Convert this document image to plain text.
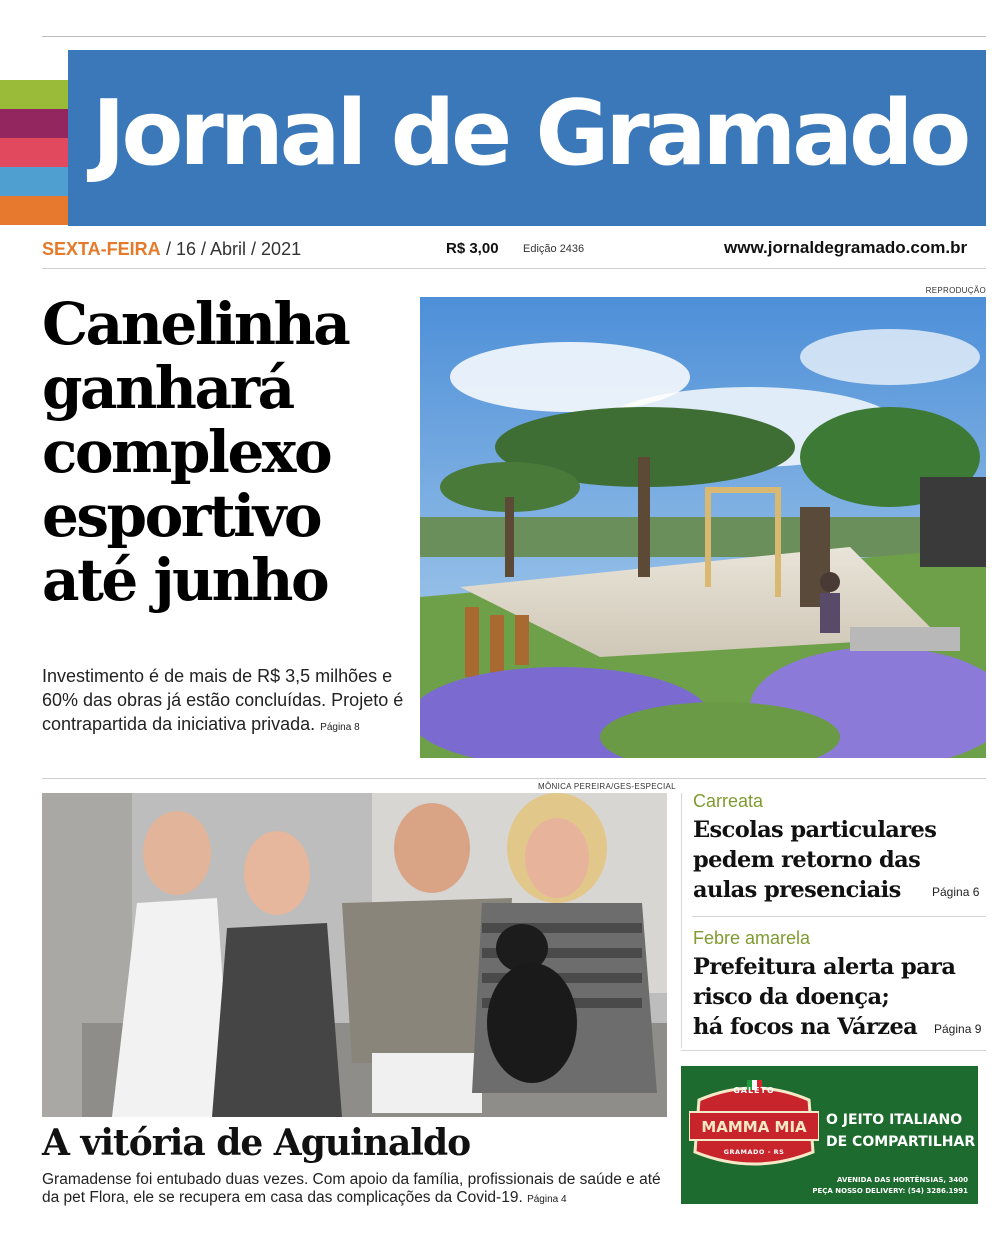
Jornal de Gramado
SEXTA-FEIRA / 16 / Abril / 2021	R$ 3,00 Edição 2436	www.jornaldegramado.com.br
Canelinha
ganhará
complexo
esportivo
até junho
Investimento é de mais de R$ 3,5 milhões e 60% das obras já estão concluídas. Projeto é contrapartida da iniciativa privada. Página 8
REPRODUÇÃO
MÔNICA PEREIRA/GES-ESPECIAL
A vitória de Aguinaldo
Gramadense foi entubado duas vezes. Com apoio da família, profissionais de saúde e até da pet Flora, ele se recupera em casa das complicações da Covid-19. Página 4
Carreata
Escolas particulares
pedem retorno das
aulas presenciais	Página 6
Febre amarela
Prefeitura alerta para
risco da doença;
há focos na Várzea	Página 9
GALETO
MAMMA MIA
GRAMADO - RS
O JEITO ITALIANO
DE COMPARTILHAR
AVENIDA DAS HORTÊNSIAS, 3400
PEÇA NOSSO DELIVERY: (54) 3286.1991
